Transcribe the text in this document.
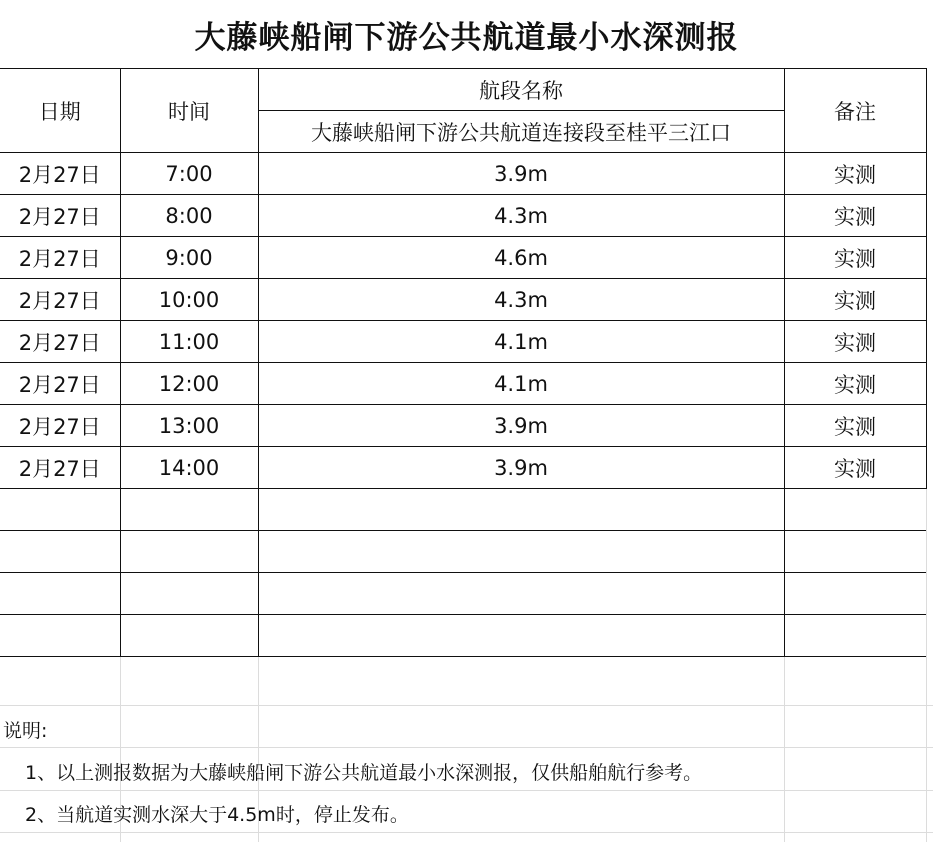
大藤峡船闸下游公共航道最小水深测报
日期	时间	航段名称	备注
		大藤峡船闸下游公共航道连接段至桂平三江口	
2月27日	7:00	3.9m	实测
2月27日	8:00	4.3m	实测
2月27日	9:00	4.6m	实测
2月27日	10:00	4.3m	实测
2月27日	11:00	4.1m	实测
2月27日	12:00	4.1m	实测
2月27日	13:00	3.9m	实测
2月27日	14:00	3.9m	实测

说明:
1、以上测报数据为大藤峡船闸下游公共航道最小水深测报，仅供船舶航行参考。
2、当航道实测水深大于4.5m时，停止发布。
